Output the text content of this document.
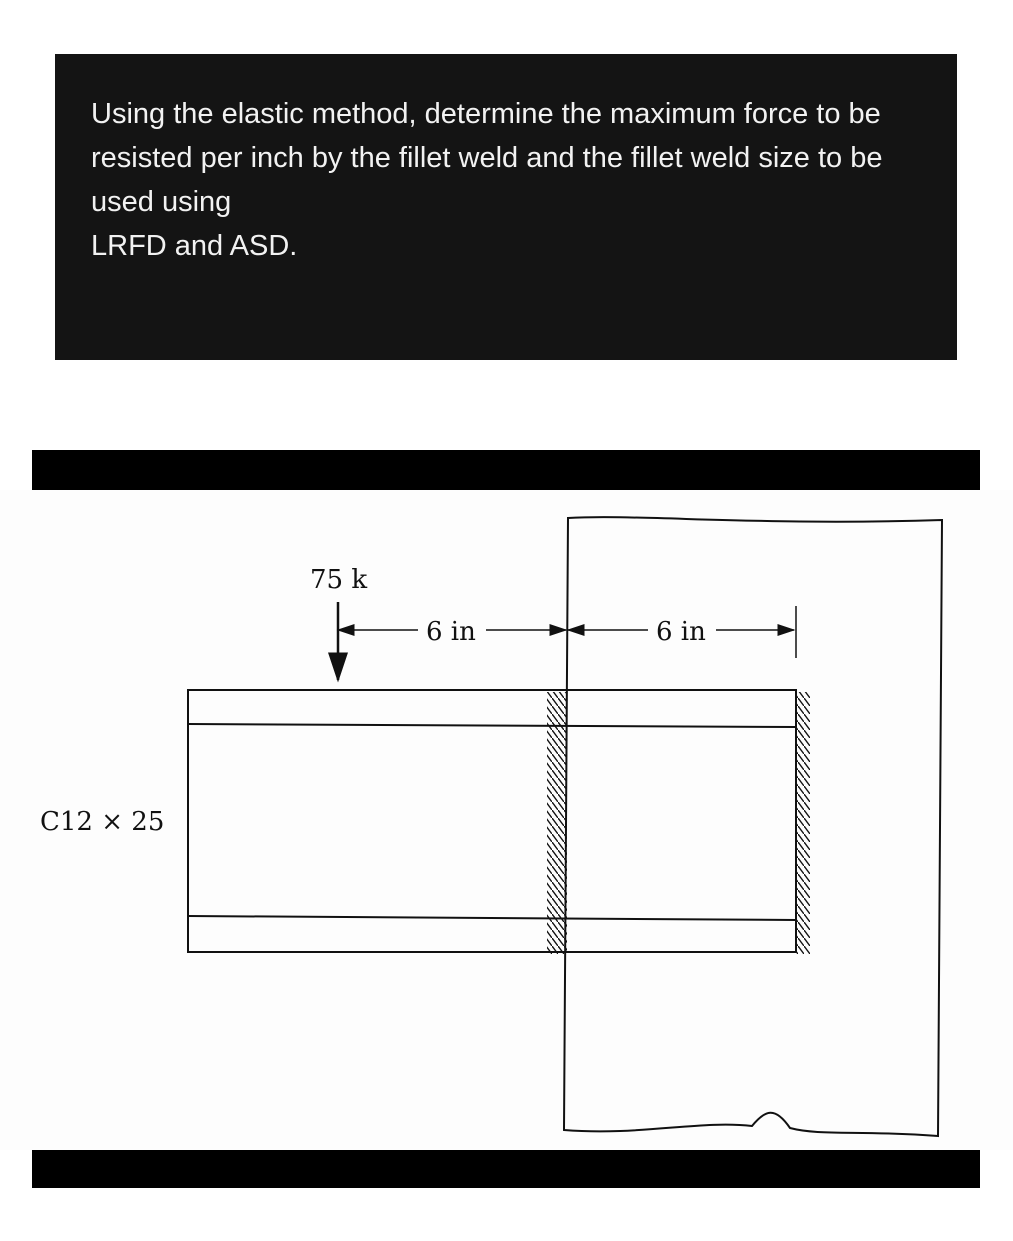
Using the elastic method, determine the maximum force to be
resisted per inch by the fillet weld and the fillet weld size to be used using
LRFD and ASD.

75 k
6 in	6 in
C12 × 25
